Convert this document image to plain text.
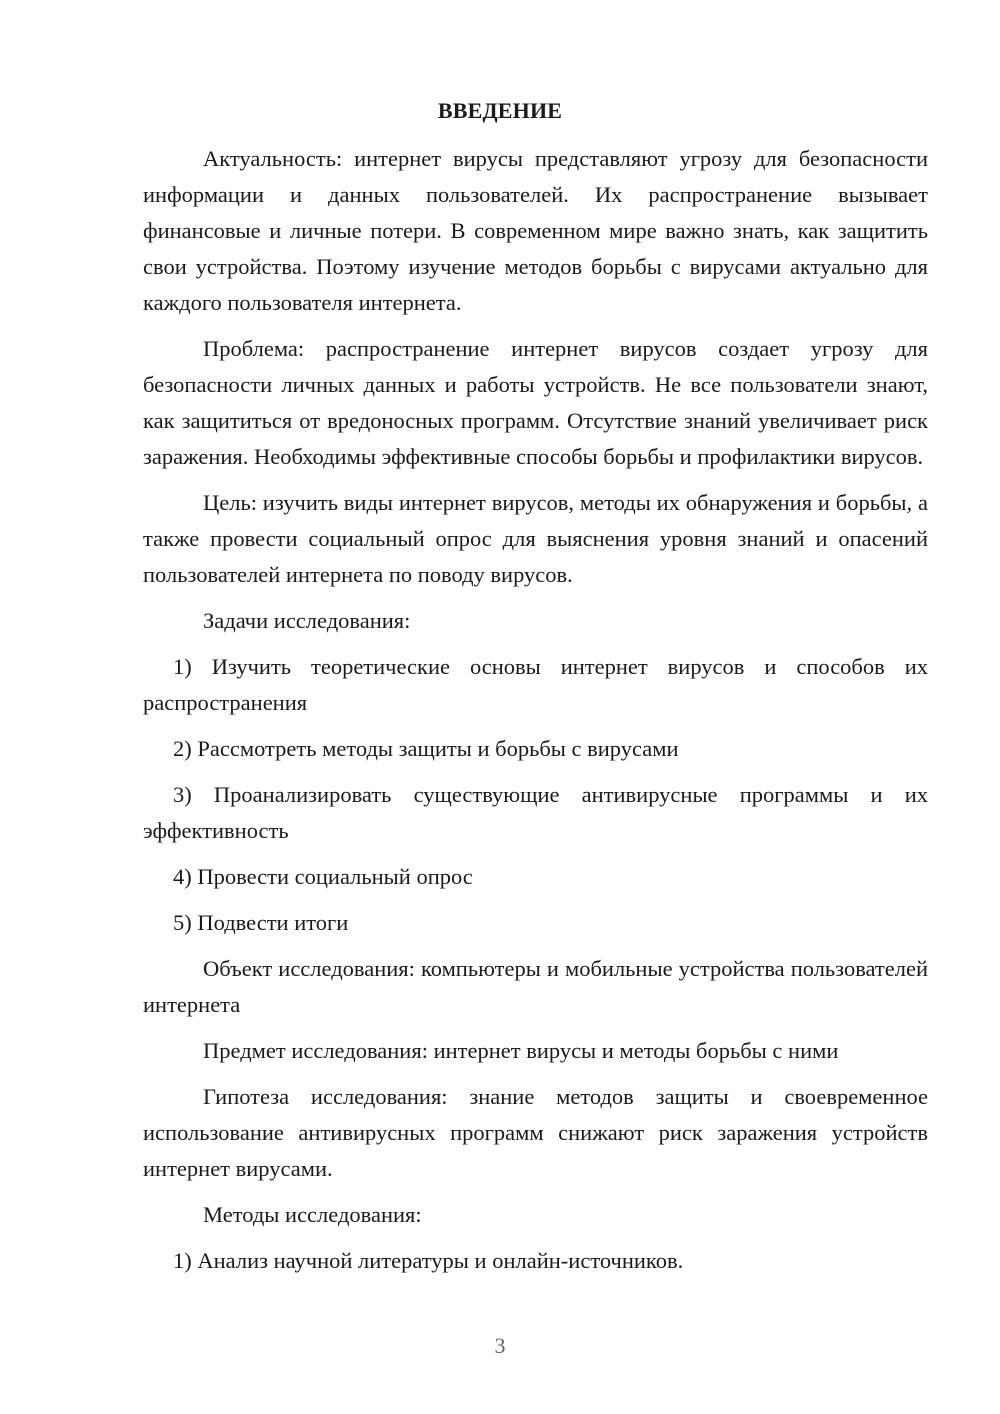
ВВЕДЕНИЕ

Актуальность: интернет вирусы представляют угрозу для безопасности информации и данных пользователей. Их распространение вызывает финансовые и личные потери. В современном мире важно знать, как защитить свои устройства. Поэтому изучение методов борьбы с вирусами актуально для каждого пользователя интернета.

Проблема: распространение интернет вирусов создает угрозу для безопасности личных данных и работы устройств. Не все пользователи знают, как защититься от вредоносных программ. Отсутствие знаний увеличивает риск заражения. Необходимы эффективные способы борьбы и профилактики вирусов.

Цель: изучить виды интернет вирусов, методы их обнаружения и борьбы, а также провести социальный опрос для выяснения уровня знаний и опасений пользователей интернета по поводу вирусов.

Задачи исследования:

1) Изучить теоретические основы интернет вирусов и способов их распространения

2) Рассмотреть методы защиты и борьбы с вирусами

3) Проанализировать существующие антивирусные программы и их эффективность

4) Провести социальный опрос

5) Подвести итоги

Объект исследования: компьютеры и мобильные устройства пользователей интернета

Предмет исследования: интернет вирусы и методы борьбы с ними

Гипотеза исследования: знание методов защиты и своевременное использование антивирусных программ снижают риск заражения устройств интернет вирусами.

Методы исследования:

1) Анализ научной литературы и онлайн-источников.

3
